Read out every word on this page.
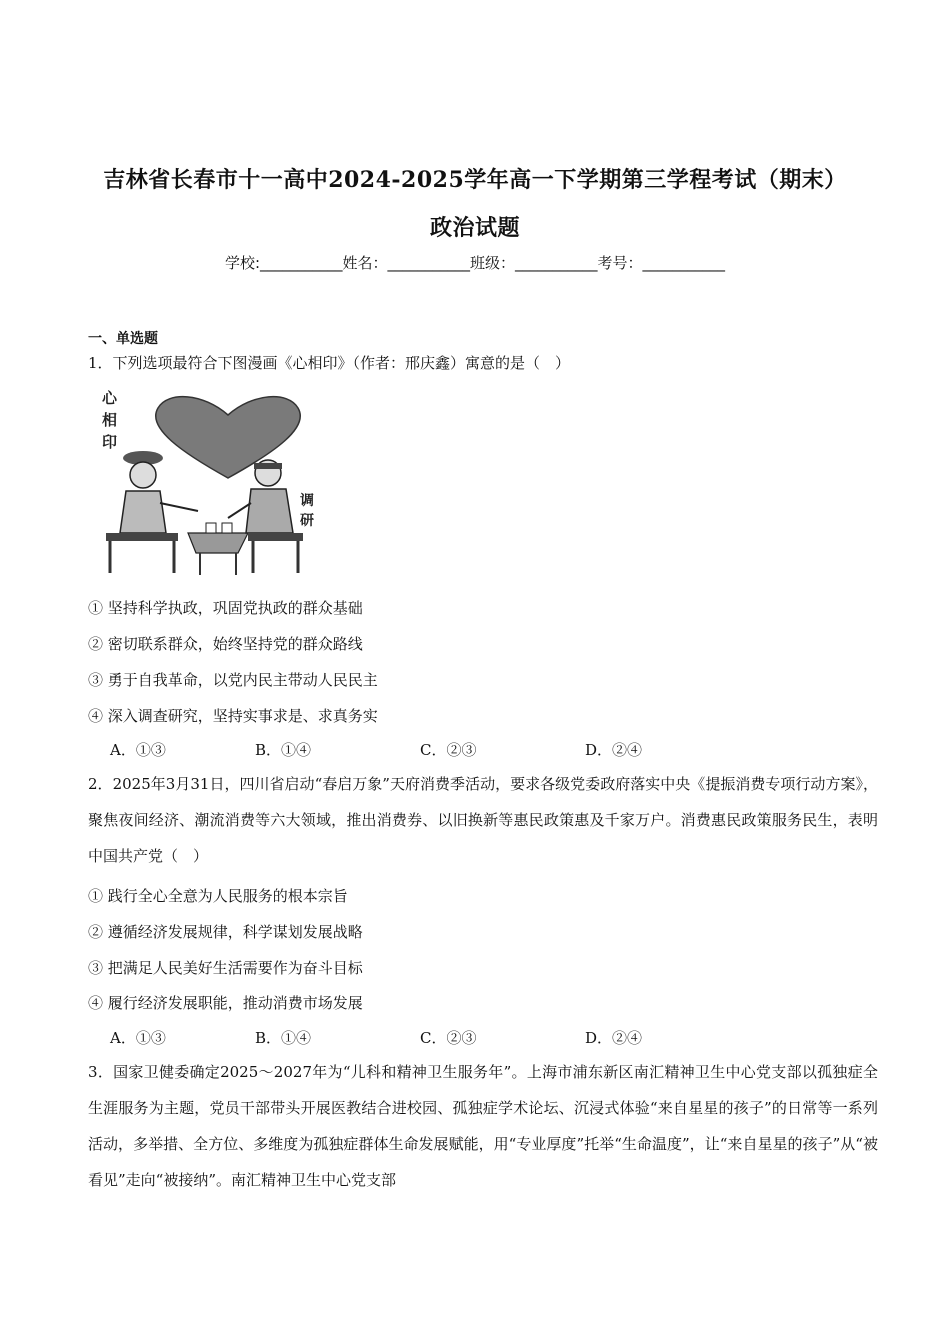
吉林省长春市十一高中2024-2025学年高一下学期第三学程考试（期末）
政治试题
学校:___________姓名：___________班级：___________考号：___________
一、单选题
1．下列选项最符合下图漫画《心相印》（作者：邢庆鑫）寓意的是（　）
心
相
印
调
研
① 坚持科学执政，巩固党执政的群众基础
② 密切联系群众，始终坚持党的群众路线
③ 勇于自我革命，以党内民主带动人民民主
④ 深入调查研究，坚持实事求是、求真务实
A．①③	B．①④	C．②③	D．②④
2．2025年3月31日，四川省启动“春启万象”天府消费季活动，要求各级党委政府落实中央《提振消费专项行动方案》，聚焦夜间经济、潮流消费等六大领域，推出消费券、以旧换新等惠民政策惠及千家万户。消费惠民政策服务民生，表明中国共产党（　）
① 践行全心全意为人民服务的根本宗旨
② 遵循经济发展规律，科学谋划发展战略
③ 把满足人民美好生活需要作为奋斗目标
④ 履行经济发展职能，推动消费市场发展
A．①③	B．①④	C．②③	D．②④
3．国家卫健委确定2025～2027年为“儿科和精神卫生服务年”。上海市浦东新区南汇精神卫生中心党支部以孤独症全生涯服务为主题，党员干部带头开展医教结合进校园、孤独症学术论坛、沉浸式体验“来自星星的孩子”的日常等一系列活动，多举措、全方位、多维度为孤独症群体生命发展赋能，用“专业厚度”托举“生命温度”，让“来自星星的孩子”从“被看见”走向“被接纳”。南汇精神卫生中心党支部
